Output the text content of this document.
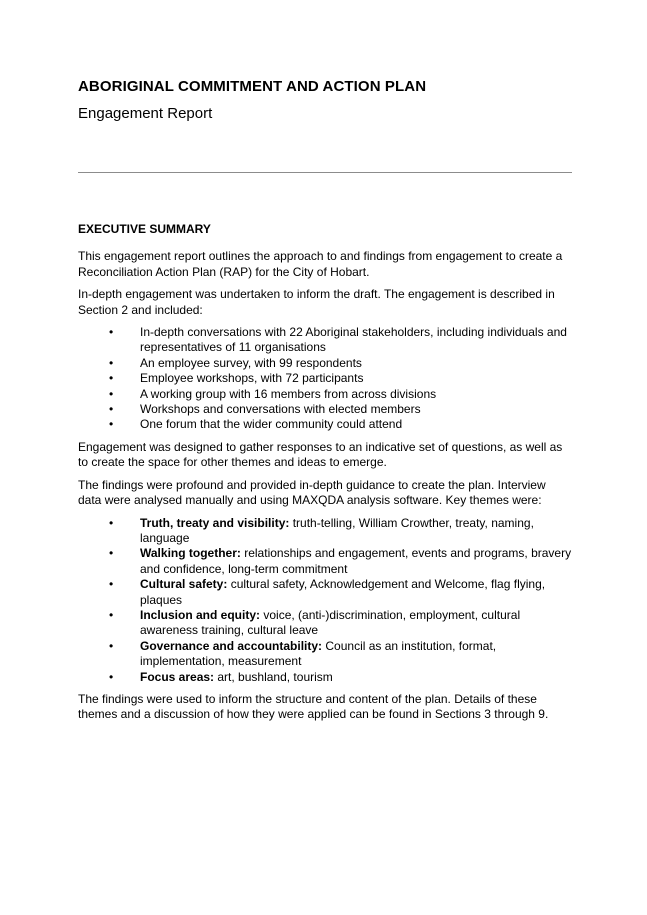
ABORIGINAL COMMITMENT AND ACTION PLAN
Engagement Report
EXECUTIVE SUMMARY

This engagement report outlines the approach to and findings from engagement to create a Reconciliation Action Plan (RAP) for the City of Hobart.

In-depth engagement was undertaken to inform the draft. The engagement is described in Section 2 and included:

• In-depth conversations with 22 Aboriginal stakeholders, including individuals and representatives of 11 organisations
• An employee survey, with 99 respondents
• Employee workshops, with 72 participants
• A working group with 16 members from across divisions
• Workshops and conversations with elected members
• One forum that the wider community could attend

Engagement was designed to gather responses to an indicative set of questions, as well as to create the space for other themes and ideas to emerge.

The findings were profound and provided in-depth guidance to create the plan. Interview data were analysed manually and using MAXQDA analysis software. Key themes were:

• Truth, treaty and visibility: truth-telling, William Crowther, treaty, naming, language
• Walking together: relationships and engagement, events and programs, bravery and confidence, long-term commitment
• Cultural safety: cultural safety, Acknowledgement and Welcome, flag flying, plaques
• Inclusion and equity: voice, (anti-)discrimination, employment, cultural awareness training, cultural leave
• Governance and accountability: Council as an institution, format, implementation, measurement
• Focus areas: art, bushland, tourism

The findings were used to inform the structure and content of the plan. Details of these themes and a discussion of how they were applied can be found in Sections 3 through 9.
